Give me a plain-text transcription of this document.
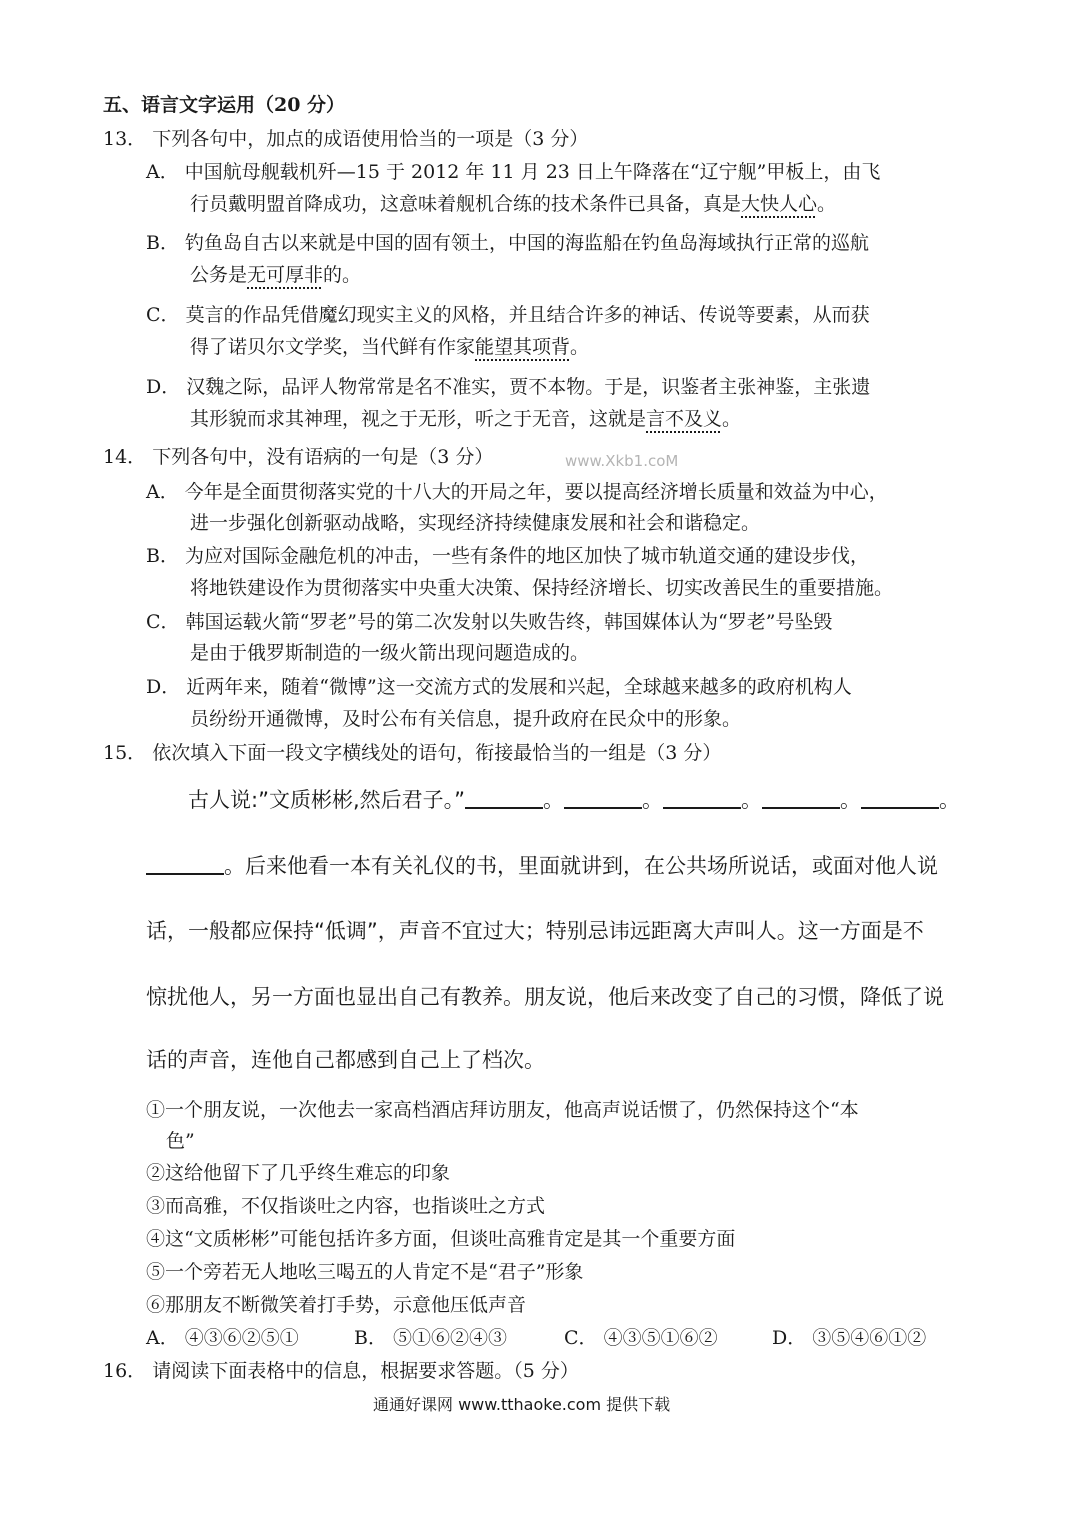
五、语言文字运用（20 分）
13． 下列各句中，加点的成语使用恰当的一项是（3 分）
A． 中国航母舰载机歼—15 于 2012 年 11 月 23 日上午降落在“辽宁舰”甲板上，由飞
行员戴明盟首降成功，这意味着舰机合练的技术条件已具备，真是大快人心。
B． 钓鱼岛自古以来就是中国的固有领土，中国的海监船在钓鱼岛海域执行正常的巡航
公务是无可厚非的。
C． 莫言的作品凭借魔幻现实主义的风格，并且结合许多的神话、传说等要素，从而获
得了诺贝尔文学奖，当代鲜有作家能望其项背。
D． 汉魏之际，品评人物常常是名不准实，贾不本物。于是，识鉴者主张神鉴，主张遗
其形貌而求其神理，视之于无形，听之于无音，这就是言不及义。
14． 下列各句中，没有语病的一句是（3 分）	www.Xkb1.coM
A． 今年是全面贯彻落实党的十八大的开局之年，要以提高经济增长质量和效益为中心，
进一步强化创新驱动战略，实现经济持续健康发展和社会和谐稳定。
B． 为应对国际金融危机的冲击，一些有条件的地区加快了城市轨道交通的建设步伐，
将地铁建设作为贯彻落实中央重大决策、保持经济增长、切实改善民生的重要措施。
C． 韩国运载火箭“罗老”号的第二次发射以失败告终，韩国媒体认为“罗老”号坠毁
是由于俄罗斯制造的一级火箭出现问题造成的。
D． 近两年来，随着“微博”这一交流方式的发展和兴起，全球越来越多的政府机构人
员纷纷开通微博，及时公布有关信息，提升政府在民众中的形象。
15． 依次填入下面一段文字横线处的语句，衔接最恰当的一组是（3 分）
古人说:”文质彬彬,然后君子。”	。	。	。	。	。
。后来他看一本有关礼仪的书，里面就讲到，在公共场所说话，或面对他人说
话，一般都应保持“低调”，声音不宜过大；特别忌讳远距离大声叫人。这一方面是不
惊扰他人，另一方面也显出自己有教养。朋友说，他后来改变了自己的习惯，降低了说
话的声音，连他自己都感到自己上了档次。
①一个朋友说，一次他去一家高档酒店拜访朋友，他高声说话惯了，仍然保持这个“本
色”
②这给他留下了几乎终生难忘的印象
③而高雅，不仅指谈吐之内容，也指谈吐之方式
④这“文质彬彬”可能包括许多方面，但谈吐高雅肯定是其一个重要方面
⑤一个旁若无人地吆三喝五的人肯定不是“君子”形象
⑥那朋友不断微笑着打手势，示意他压低声音
A． ④③⑥②⑤①	B． ⑤①⑥②④③	C． ④③⑤①⑥②	D． ③⑤④⑥①②
16． 请阅读下面表格中的信息，根据要求答题。（5 分）
通通好课网 www.tthaoke.com 提供下载
